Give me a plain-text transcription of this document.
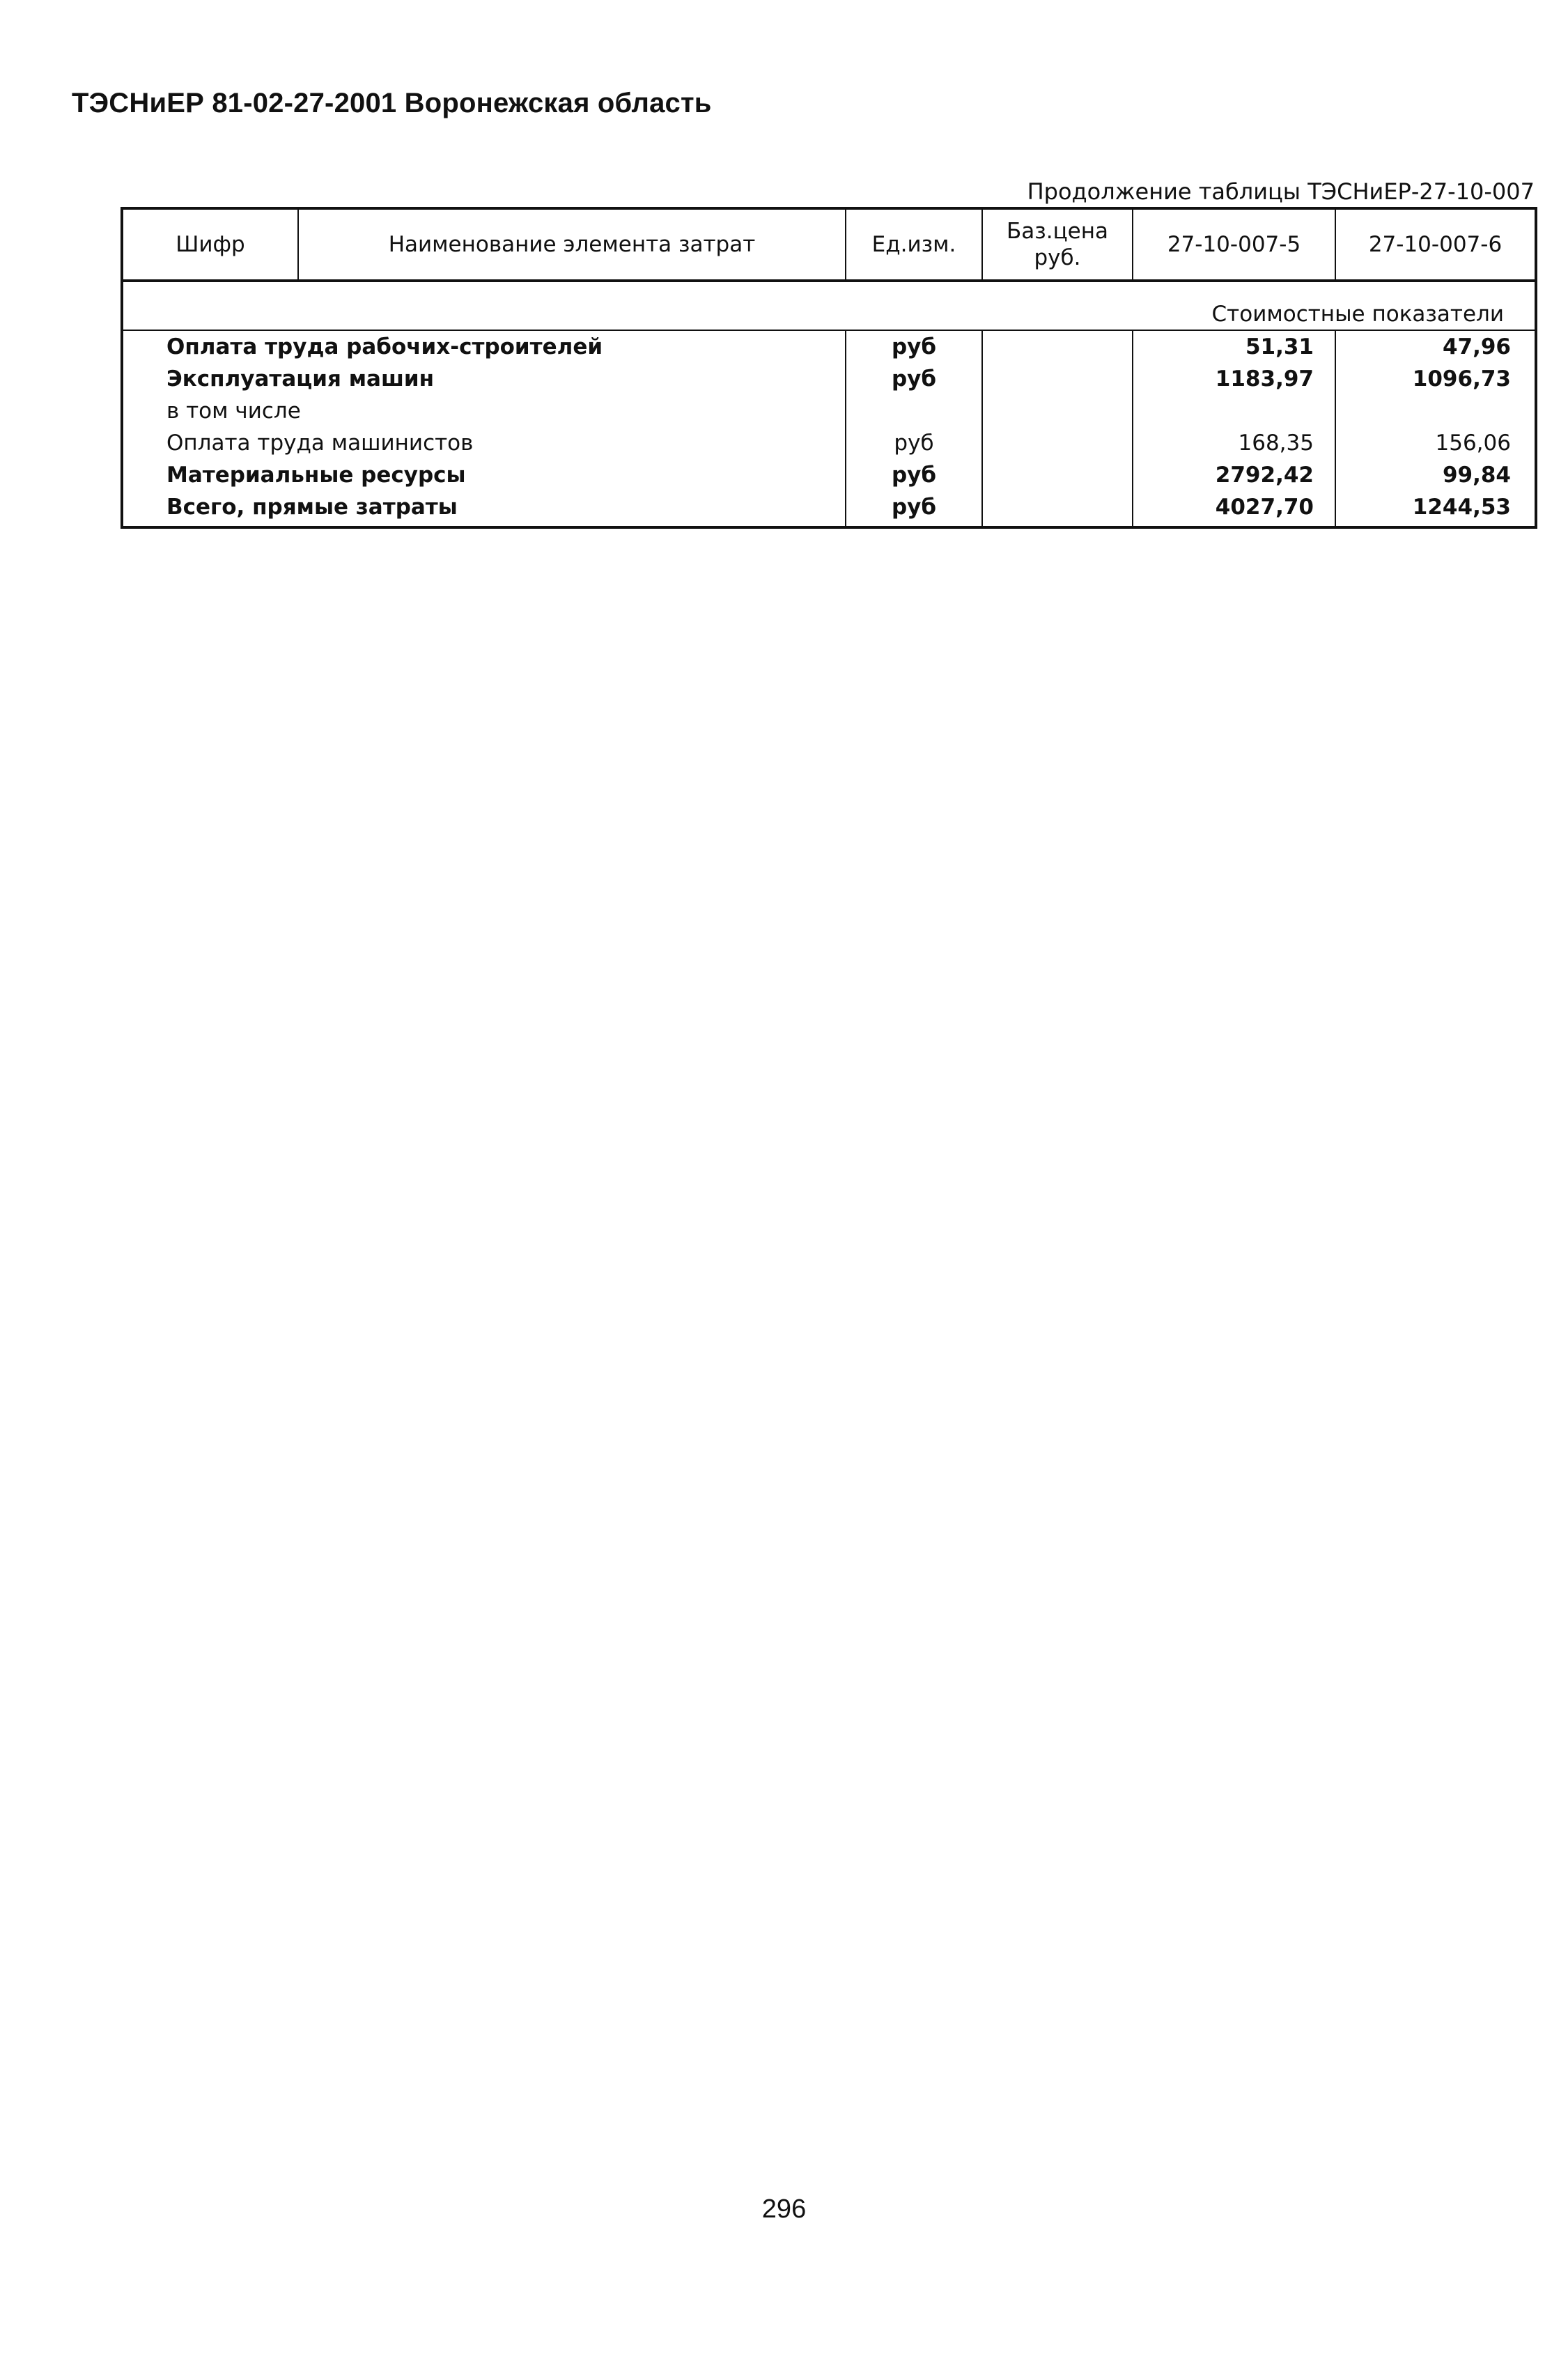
ТЭСНиЕР 81-02-27-2001 Воронежская область
Продолжение таблицы ТЭСНиЕР-27-10-007
Шифр	Наименование элемента затрат	Ед.изм.	Баз.цена руб.	27-10-007-5	27-10-007-6
Стоимостные показатели					
Оплата труда рабочих-строителей		руб		51,31	47,96
Эксплуатация машин		руб		1183,97	1096,73
в том числе					
Оплата труда машинистов		руб		168,35	156,06
Материальные ресурсы		руб		2792,42	99,84
Всего, прямые затраты		руб		4027,70	1244,53
296
